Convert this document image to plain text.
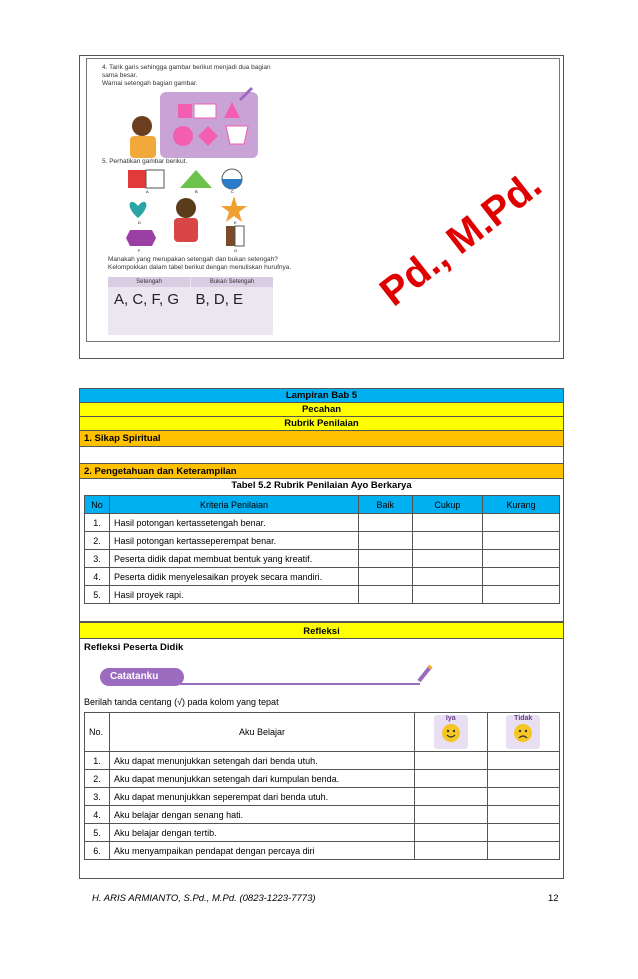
4. Tarik garis sehingga gambar berikut menjadi dua bagian
sama besar.
Warnai setengah bagian gambar.
5. Perhatikan gambar berikut.
A	B	C
D	E
F	G
Manakah yang merupakan setengah dan bukan setengah?
Kelompokkan dalam tabel berikut dengan menuliskan hurufnya.
Setengah	Bukan Setengah
A, C, F, G	B, D, E	Pd., M.Pd.
Lampiran Bab 5
Pecahan
Rubrik Penilaian
1. Sikap Spiritual
2. Pengetahuan dan Keterampilan
Tabel 5.2 Rubrik Penilaian Ayo Berkarya
No	Kriteria Penilaian	Baik	Cukup	Kurang
1.	Hasil potongan kertassetengah benar.			
2.	Hasil potongan kertasseperempat benar.			
3.	Peserta didik dapat membuat bentuk yang kreatif.			
4.	Peserta didik menyelesaikan proyek secara mandiri.			
5.	Hasil proyek rapi.			
Refleksi
Refleksi Peserta Didik
Catatanku
Berilah tanda centang (√) pada kolom yang tepat
No.	Aku Belajar	Iya	Tidak

1.	Aku dapat menunjukkan setengah dari benda utuh.		
2.	Aku dapat menunjukkan setengah dari kumpulan benda.		
3.	Aku dapat menunjukkan seperempat dari benda utuh.		
4.	Aku belajar dengan senang hati.		
5.	Aku belajar dengan tertib.		
6.	Aku menyampaikan pendapat dengan percaya diri		
H. ARIS ARMIANTO, S.Pd., M.Pd. (0823-1223-7773)	12
